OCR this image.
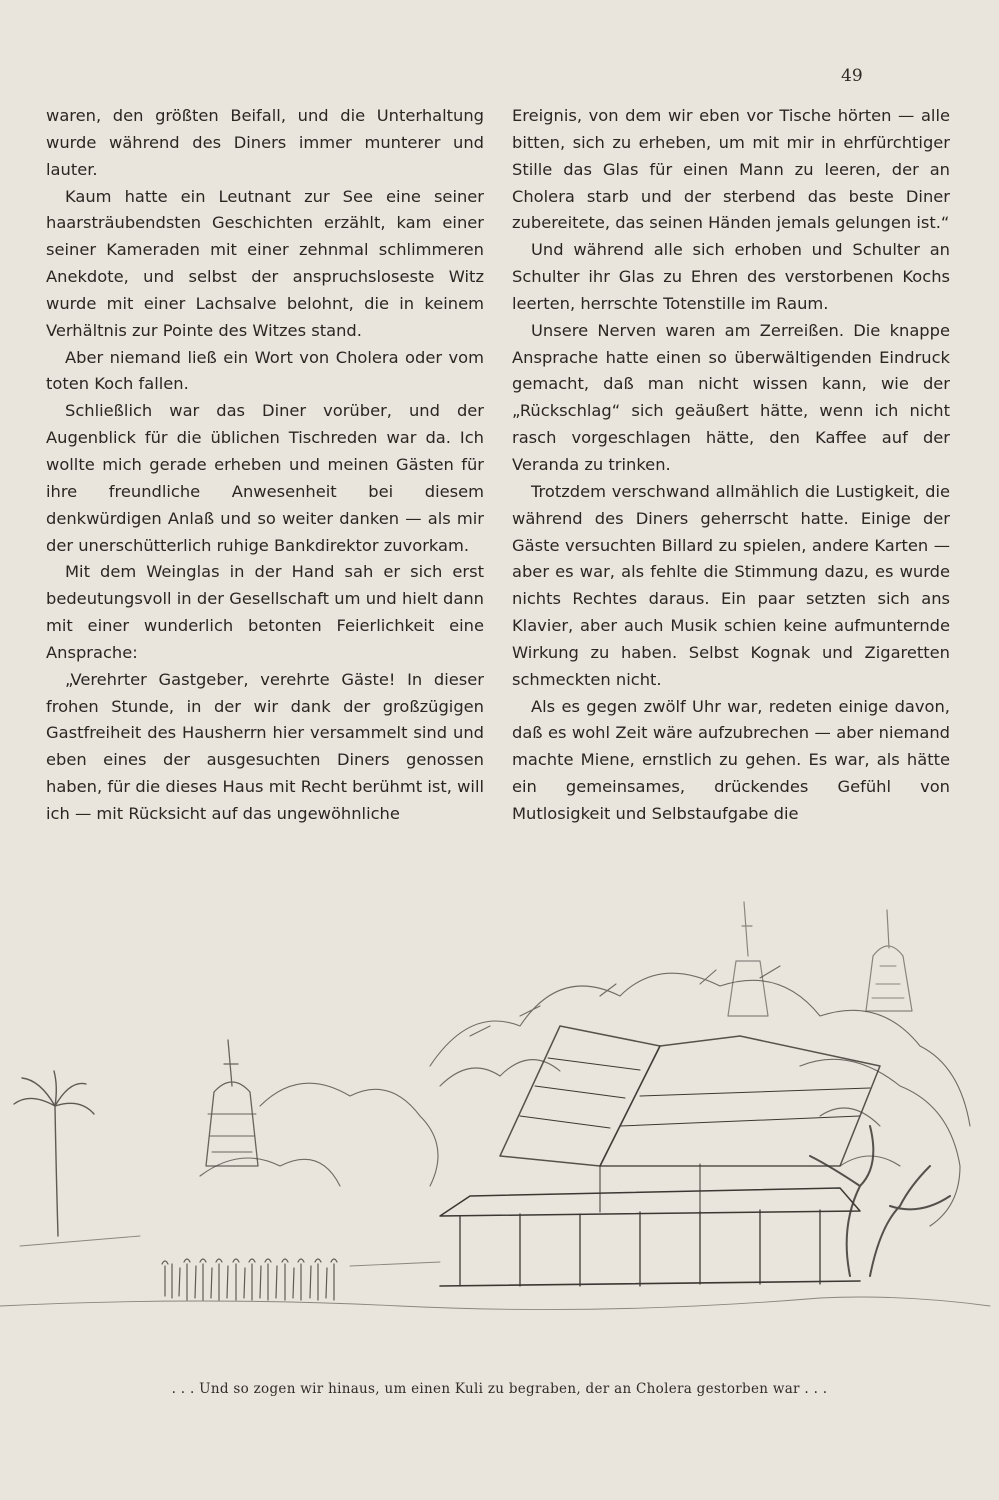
49

waren, den größten Beifall, und die Unterhaltung wurde während des Diners immer munterer und lauter.

Kaum hatte ein Leutnant zur See eine seiner haarsträubendsten Geschichten erzählt, kam einer seiner Kameraden mit einer zehnmal schlimmeren Anekdote, und selbst der anspruchsloseste Witz wurde mit einer Lachsalve belohnt, die in keinem Verhältnis zur Pointe des Witzes stand.

Aber niemand ließ ein Wort von Cholera oder vom toten Koch fallen.

Schließlich war das Diner vorüber, und der Augenblick für die üblichen Tischreden war da. Ich wollte mich gerade erheben und meinen Gästen für ihre freundliche Anwesenheit bei diesem denkwürdigen Anlaß und so weiter danken — als mir der unerschütterlich ruhige Bankdirektor zuvorkam.

Mit dem Weinglas in der Hand sah er sich erst bedeutungsvoll in der Gesellschaft um und hielt dann mit einer wunderlich betonten Feierlichkeit eine Ansprache:

„Verehrter Gastgeber, verehrte Gäste! In dieser frohen Stunde, in der wir dank der großzügigen Gastfreiheit des Hausherrn hier versammelt sind und eben eines der ausgesuchten Diners genossen haben, für die dieses Haus mit Recht berühmt ist, will ich — mit Rücksicht auf das ungewöhnliche

Ereignis, von dem wir eben vor Tische hörten — alle bitten, sich zu erheben, um mit mir in ehrfürchtiger Stille das Glas für einen Mann zu leeren, der an Cholera starb und der sterbend das beste Diner zubereitete, das seinen Händen jemals gelungen ist.“

Und während alle sich erhoben und Schulter an Schulter ihr Glas zu Ehren des verstorbenen Kochs leerten, herrschte Totenstille im Raum.

Unsere Nerven waren am Zerreißen. Die knappe Ansprache hatte einen so überwältigenden Eindruck gemacht, daß man nicht wissen kann, wie der „Rückschlag“ sich geäußert hätte, wenn ich nicht rasch vorgeschlagen hätte, den Kaffee auf der Veranda zu trinken.

Trotzdem verschwand allmählich die Lustigkeit, die während des Diners geherrscht hatte. Einige der Gäste versuchten Billard zu spielen, andere Karten — aber es war, als fehlte die Stimmung dazu, es wurde nichts Rechtes daraus. Ein paar setzten sich ans Klavier, aber auch Musik schien keine aufmunternde Wirkung zu haben. Selbst Kognak und Zigaretten schmeckten nicht.

Als es gegen zwölf Uhr war, redeten einige davon, daß es wohl Zeit wäre aufzubrechen — aber niemand machte Miene, ernstlich zu gehen. Es war, als hätte ein gemeinsames, drückendes Gefühl von Mutlosigkeit und Selbstaufgabe die

. . . Und so zogen wir hinaus, um einen Kuli zu begraben, der an Cholera gestorben war . . .
